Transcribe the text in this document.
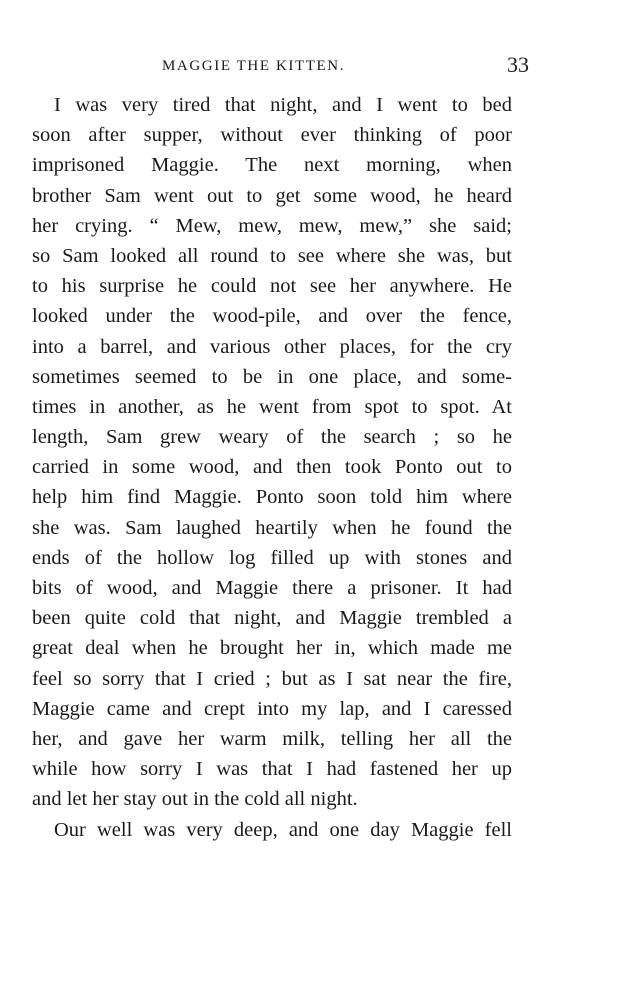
MAGGIE THE KITTEN.	33
I was very tired that night, and I went to bed
soon after supper, without ever thinking of poor
imprisoned Maggie. The next morning, when
brother Sam went out to get some wood, he heard
her crying. “ Mew, mew, mew, mew,” she said;
so Sam looked all round to see where she was, but
to his surprise he could not see her anywhere. He
looked under the wood-pile, and over the fence,
into a barrel, and various other places, for the cry
sometimes seemed to be in one place, and some-
times in another, as he went from spot to spot. At
length, Sam grew weary of the search ; so he
carried in some wood, and then took Ponto out to
help him find Maggie. Ponto soon told him where
she was. Sam laughed heartily when he found the
ends of the hollow log filled up with stones and
bits of wood, and Maggie there a prisoner. It had
been quite cold that night, and Maggie trembled a
great deal when he brought her in, which made me
feel so sorry that I cried ; but as I sat near the fire,
Maggie came and crept into my lap, and I caressed
her, and gave her warm milk, telling her all the
while how sorry I was that I had fastened her up
and let her stay out in the cold all night.
Our well was very deep, and one day Maggie fell
